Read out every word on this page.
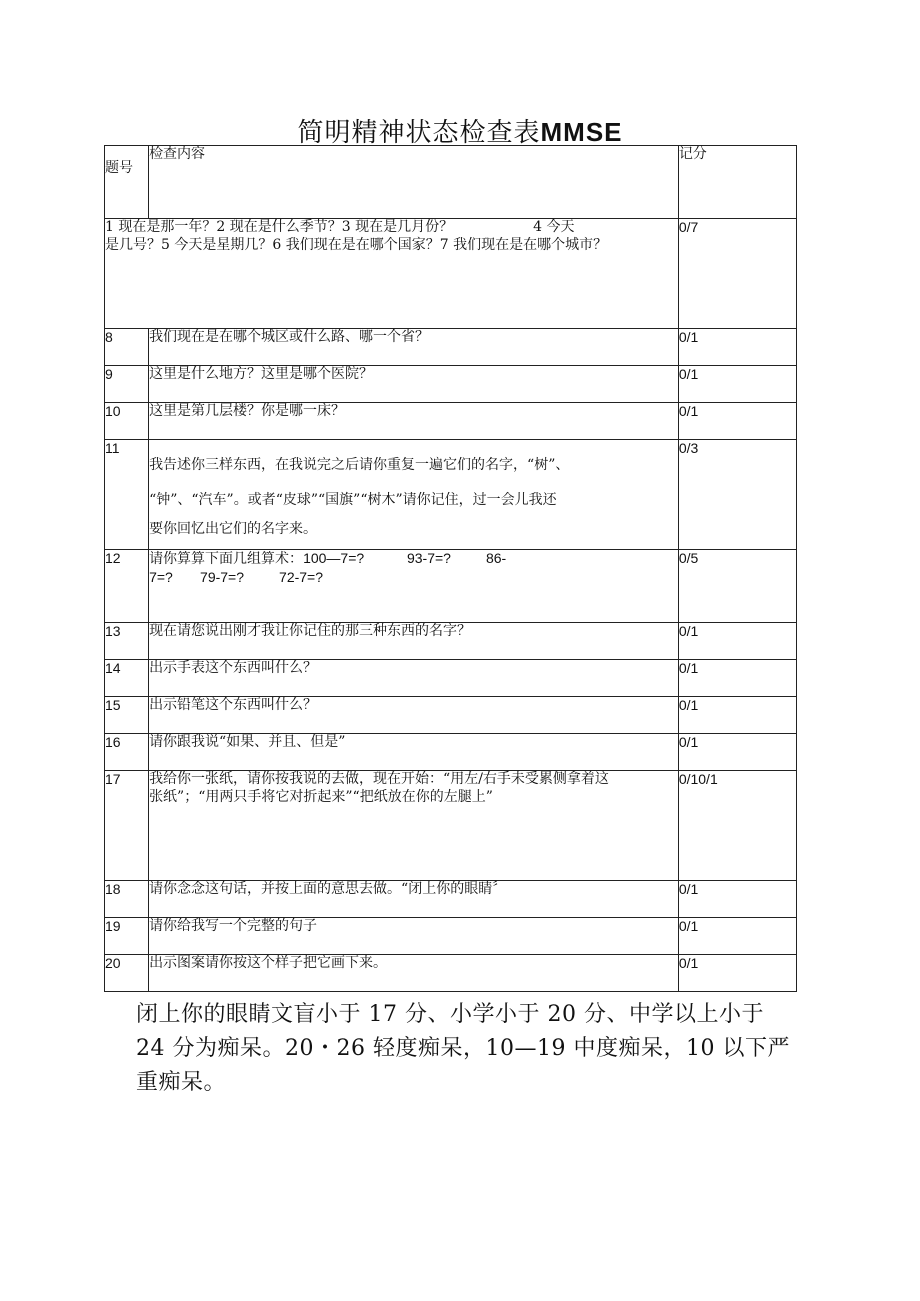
简明精神状态检查表MMSE
题号	检查内容	记分

1 现在是那一年？2 现在是什么季节？3 现在是几月份？                  4 今天
是几号？5 今天是星期几？6 我们现在是在哪个国家？7 我们现在是在哪个城市？		0/7
8	我们现在是在哪个城区或什么路、哪一个省？	0/1
9	这里是什么地方？这里是哪个医院？	0/1
10	这里是第几层楼？你是哪一床？	0/1
11	我告述你三样东西，在我说完之后请你重复一遍它们的名字，“树”、
“钟”、“汽车”。或者“皮球”“国旗”“树木”请你记住，过一会儿我还
要你回忆出它们的名字来。	0/3
12	请你算算下面几组算术：100—7=?           93-7=?         86-
7=?       79-7=?         72-7=?	0/5
13	现在请您说出刚才我让你记住的那三种东西的名字？	0/1
14	出示手表这个东西叫什么？	0/1
15	出示铅笔这个东西叫什么？	0/1
16	请你跟我说“如果、并且、但是”	0/1
17	我给你一张纸，请你按我说的去做，现在开始：“用左/右手未受累侧拿着这
张纸”；“用两只手将它对折起来”“把纸放在你的左腿上”	0/10/1
18	请你念念这句话，并按上面的意思去做。“闭上你的眼睛〞	0/1
19	请你给我写一个完整的句子	0/1
20	出示图案请你按这个样子把它画下来。	0/1
闭上你的眼睛文盲小于 17 分、小学小于 20 分、中学以上小于 24 分为痴呆。20・26 轻度痴呆，10—19 中度痴呆，10 以下严重痴呆。
